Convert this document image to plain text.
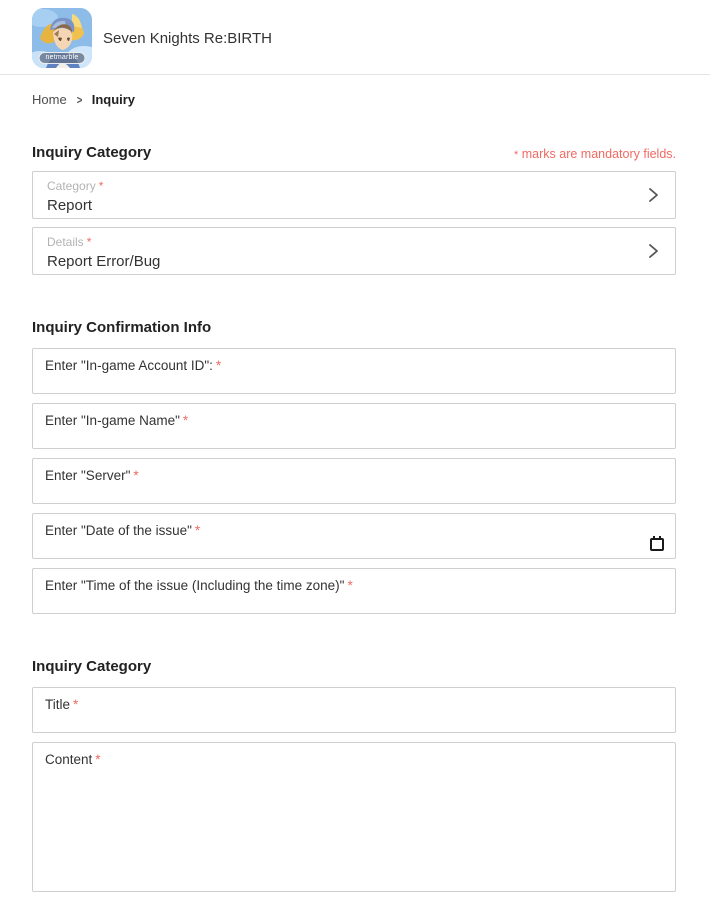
netmarble
Seven Knights Re:BIRTH
Home > Inquiry
Inquiry Category	* marks are mandatory fields.
Category *
Report
Details *
Report Error/Bug
Inquiry Confirmation Info
Enter "In-game Account ID": *
Enter "In-game Name" *
Enter "Server" *
Enter "Date of the issue" *
Enter "Time of the issue (Including the time zone)" *
Inquiry Category
Title *
Content *
